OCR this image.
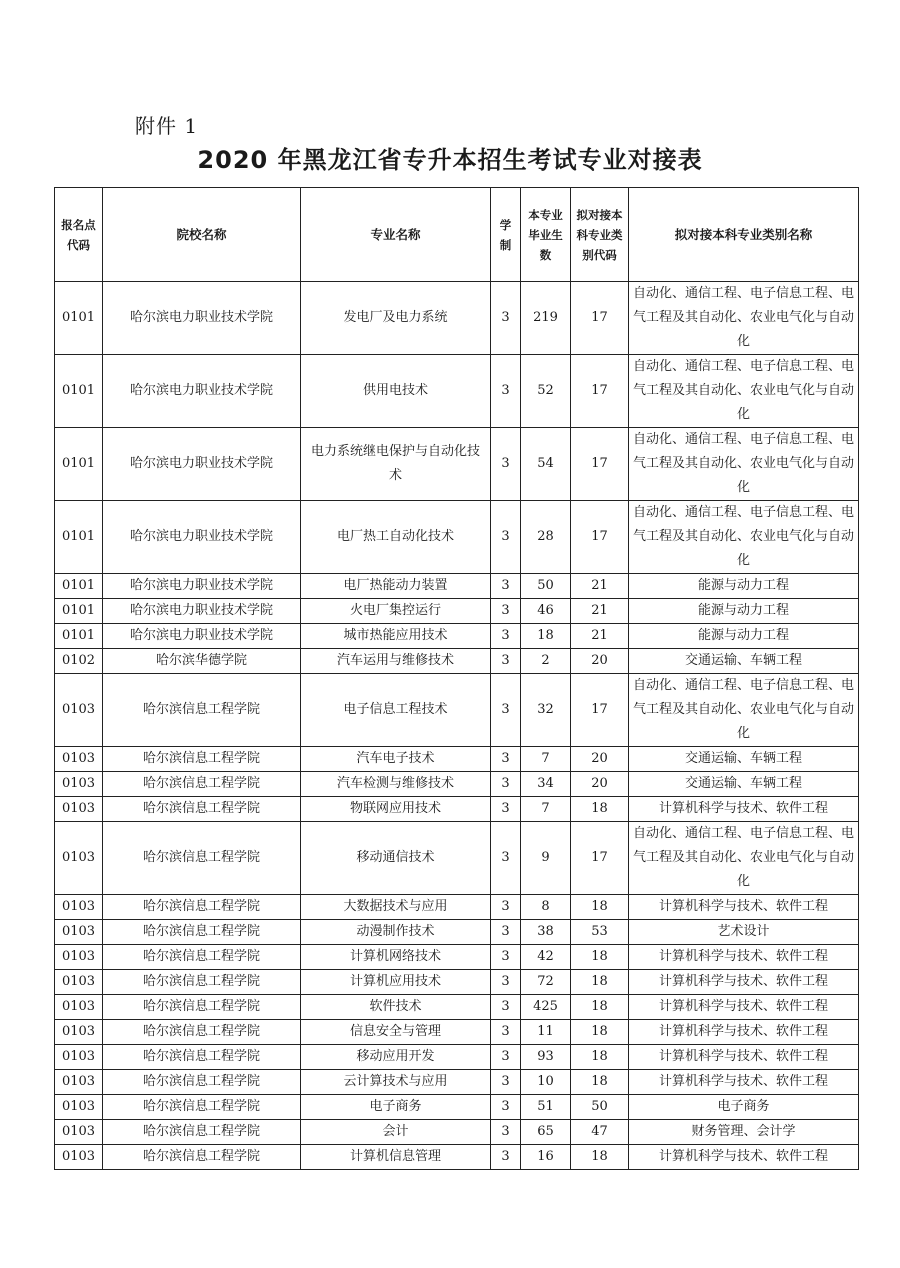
附件 1
2020 年黑龙江省专升本招生考试专业对接表
报名点代码	院校名称	专业名称	学制	本专业毕业生数	拟对接本科专业类别代码	拟对接本科专业类别名称
0101	哈尔滨电力职业技术学院	发电厂及电力系统	3	219	17	自动化、通信工程、电子信息工程、电气工程及其自动化、农业电气化与自动化
0101	哈尔滨电力职业技术学院	供用电技术	3	52	17	自动化、通信工程、电子信息工程、电气工程及其自动化、农业电气化与自动化
0101	哈尔滨电力职业技术学院	电力系统继电保护与自动化技术	3	54	17	自动化、通信工程、电子信息工程、电气工程及其自动化、农业电气化与自动化
0101	哈尔滨电力职业技术学院	电厂热工自动化技术	3	28	17	自动化、通信工程、电子信息工程、电气工程及其自动化、农业电气化与自动化
0101	哈尔滨电力职业技术学院	电厂热能动力装置	3	50	21	能源与动力工程
0101	哈尔滨电力职业技术学院	火电厂集控运行	3	46	21	能源与动力工程
0101	哈尔滨电力职业技术学院	城市热能应用技术	3	18	21	能源与动力工程
0102	哈尔滨华德学院	汽车运用与维修技术	3	2	20	交通运输、车辆工程
0103	哈尔滨信息工程学院	电子信息工程技术	3	32	17	自动化、通信工程、电子信息工程、电气工程及其自动化、农业电气化与自动化
0103	哈尔滨信息工程学院	汽车电子技术	3	7	20	交通运输、车辆工程
0103	哈尔滨信息工程学院	汽车检测与维修技术	3	34	20	交通运输、车辆工程
0103	哈尔滨信息工程学院	物联网应用技术	3	7	18	计算机科学与技术、软件工程
0103	哈尔滨信息工程学院	移动通信技术	3	9	17	自动化、通信工程、电子信息工程、电气工程及其自动化、农业电气化与自动化
0103	哈尔滨信息工程学院	大数据技术与应用	3	8	18	计算机科学与技术、软件工程
0103	哈尔滨信息工程学院	动漫制作技术	3	38	53	艺术设计
0103	哈尔滨信息工程学院	计算机网络技术	3	42	18	计算机科学与技术、软件工程
0103	哈尔滨信息工程学院	计算机应用技术	3	72	18	计算机科学与技术、软件工程
0103	哈尔滨信息工程学院	软件技术	3	425	18	计算机科学与技术、软件工程
0103	哈尔滨信息工程学院	信息安全与管理	3	11	18	计算机科学与技术、软件工程
0103	哈尔滨信息工程学院	移动应用开发	3	93	18	计算机科学与技术、软件工程
0103	哈尔滨信息工程学院	云计算技术与应用	3	10	18	计算机科学与技术、软件工程
0103	哈尔滨信息工程学院	电子商务	3	51	50	电子商务
0103	哈尔滨信息工程学院	会计	3	65	47	财务管理、会计学
0103	哈尔滨信息工程学院	计算机信息管理	3	16	18	计算机科学与技术、软件工程
